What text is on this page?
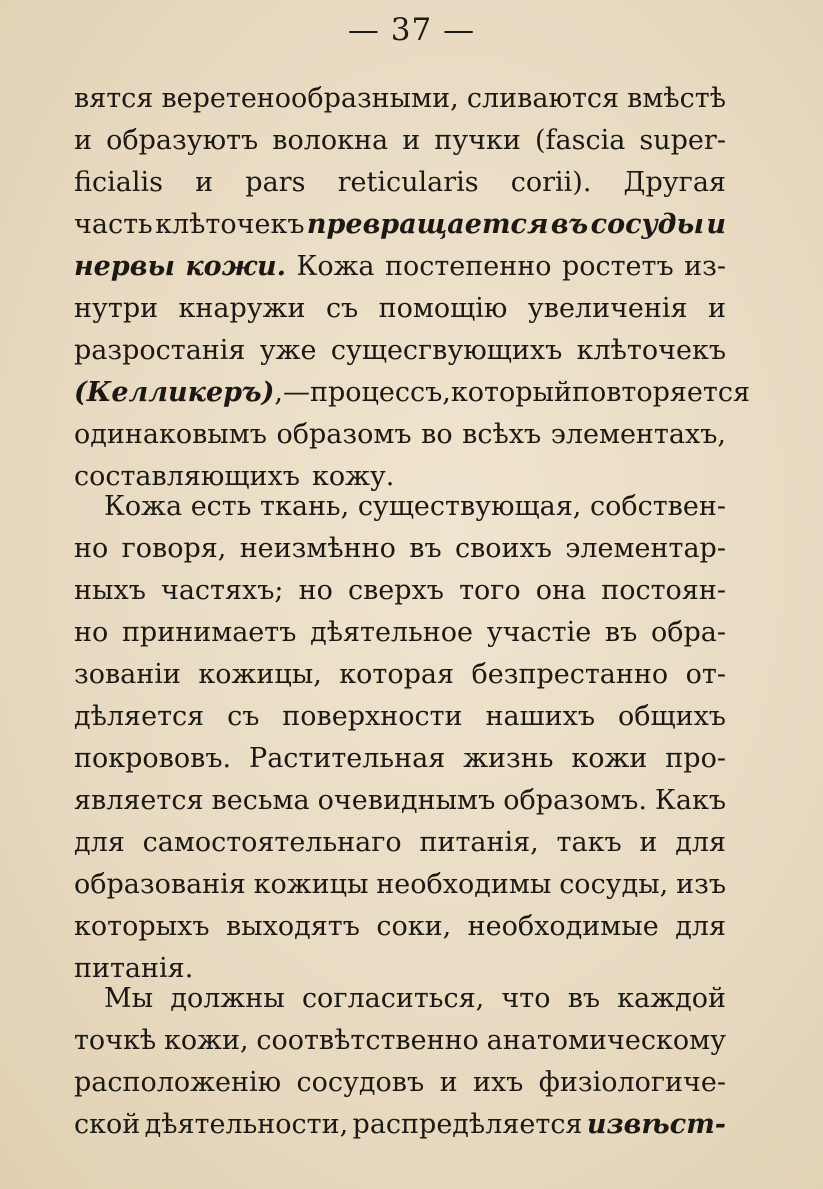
— 37 —
вятся веретенообразными, сливаются вмѣстѣ
и образуютъ волокна и пучки (fascia super-
ficialis и pars reticularis corii). Другая
часть клѣточекъ превращается въ сосуды и
нервы кожи. Кожа постепенно ростетъ из-
нутри кнаружи съ помощію увеличенія и
разростанія уже сущесгвующихъ клѣточекъ
(Келликеръ),—процессъ, который повторяется
одинаковымъ образомъ во всѣхъ элементахъ,
составляющихъ кожу.
Кожа есть ткань, существующая, собствен-
но говоря, неизмѣнно въ своихъ элементар-
ныхъ частяхъ; но сверхъ того она постоян-
но принимаетъ дѣятельное участіе въ обра-
зованіи кожицы, которая безпрестанно от-
дѣляется съ поверхности нашихъ общихъ
покрововъ. Растительная жизнь кожи про-
является весьма очевиднымъ образомъ. Какъ
для самостоятельнаго питанія, такъ и для
образованія кожицы необходимы сосуды, изъ
которыхъ выходятъ соки, необходимые для
питанія.
Мы должны согласиться, что въ каждой
точкѣ кожи, соотвѣтственно анатомическому
расположенію сосудовъ и ихъ физіологиче-
ской дѣятельности, распредѣляется извѣст-
